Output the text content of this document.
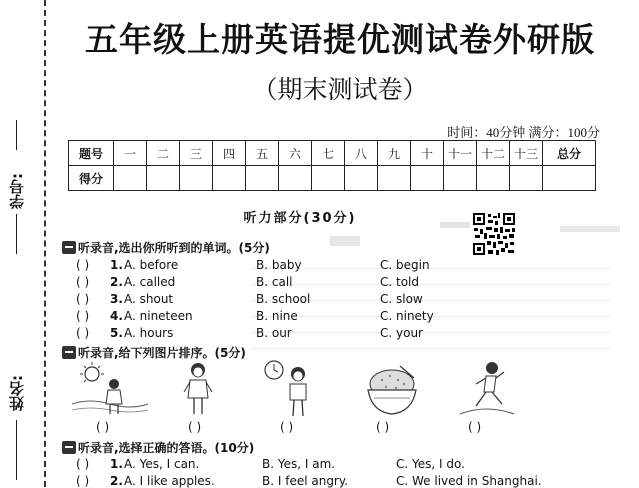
学号:
姓名:
五年级上册英语提优测试卷外研版
（期末测试卷）
时间：40分钟 满分：100分
题号	一	二	三	四	五	六	七	八	九	十	十一	十二	十三	总分
得分														
听力部分(30分)
听录音,选出你所听到的单词。(5分)
( ) 1. A. before	B. baby	C. begin
( ) 2. A. called	B. call	C. told
( ) 3. A. shout	B. school	C. slow
( ) 4. A. nineteen	B. nine	C. ninety
( ) 5. A. hours	B. our	C. your
听录音,给下列图片排序。(5分)
( )	( )	( )	( )	( )
听录音,选择正确的答语。(10分)
( ) 1. A. Yes, I can.	B. Yes, I am.	C. Yes, I do.
( ) 2. A. I like apples.	B. I feel angry.	C. We lived in Shanghai.
